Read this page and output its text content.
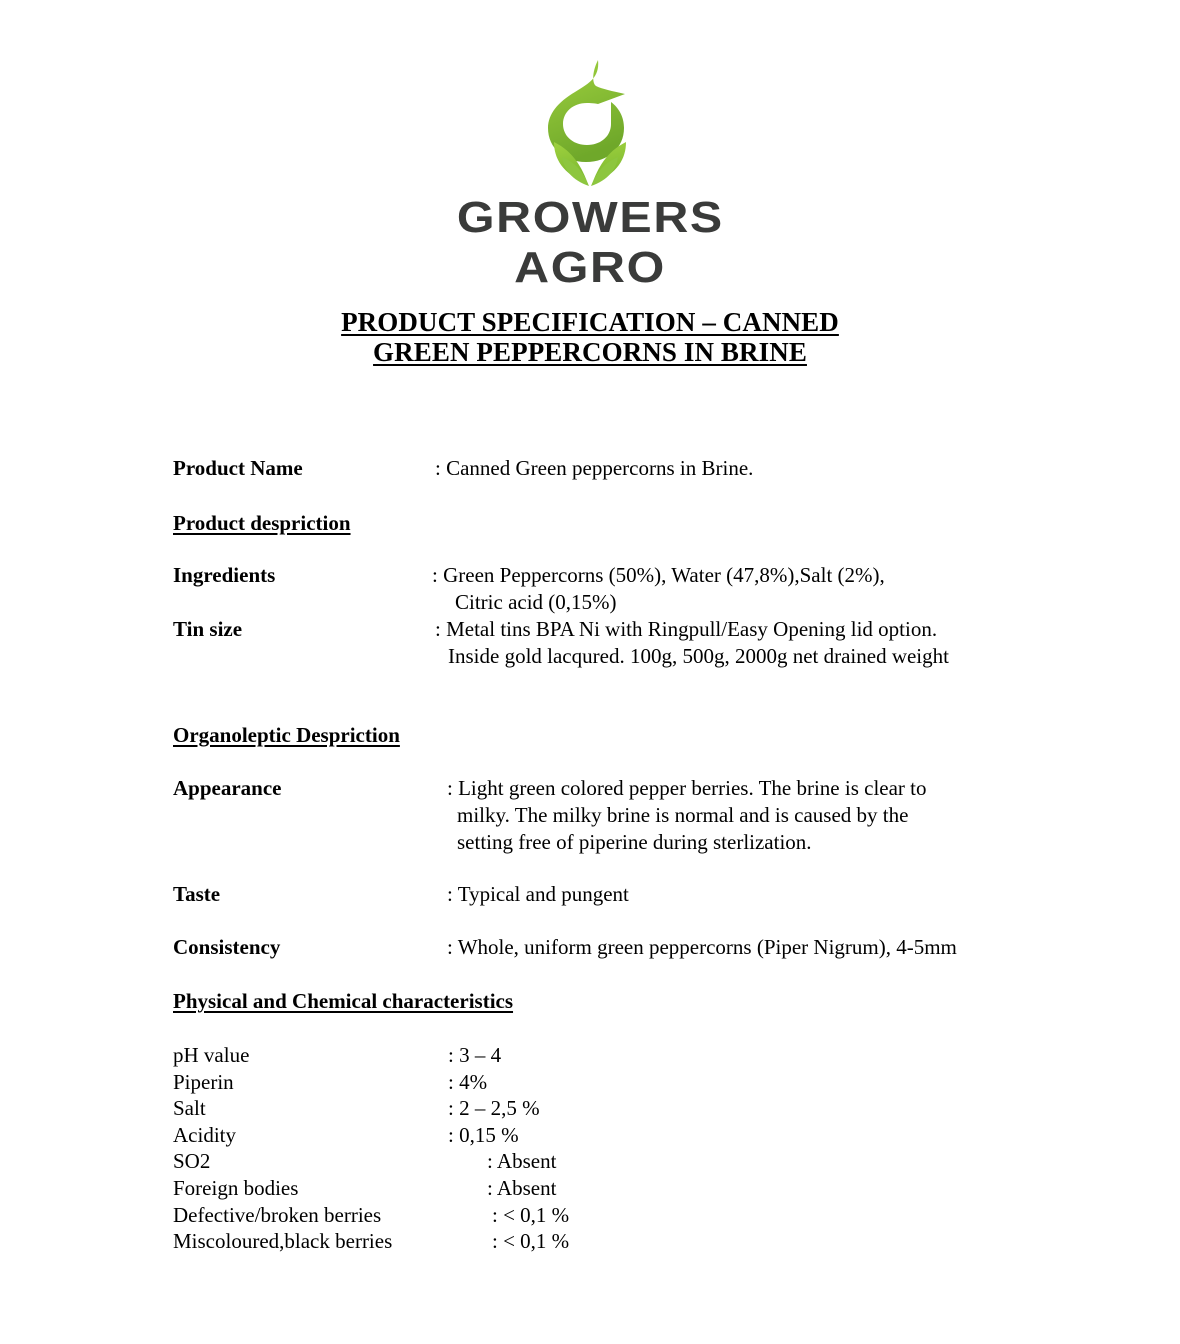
GROWERS
AGRO
PRODUCT SPECIFICATION – CANNED
GREEN PEPPERCORNS IN BRINE
Product Name	: Canned Green peppercorns in Brine.
Product despriction
Ingredients	: Green Peppercorns (50%), Water (47,8%),Salt (2%),
Citric acid (0,15%)
Tin size	: Metal tins BPA Ni with Ringpull/Easy Opening lid option.
Inside gold lacqured. 100g, 500g, 2000g net drained weight
Organoleptic Despriction
Appearance	: Light green colored pepper berries. The brine is clear to
milky. The milky brine is normal and is caused by the
setting free of piperine during sterlization.
Taste	: Typical and pungent
Consistency	: Whole, uniform green peppercorns (Piper Nigrum), 4-5mm
Physical and Chemical characteristics
pH value	: 3 – 4
Piperin	: 4%
Salt	: 2 – 2,5 %
Acidity	: 0,15 %
SO2	: Absent
Foreign bodies	: Absent
Defective/broken berries	: < 0,1 %
Miscoloured,black berries	: < 0,1 %
